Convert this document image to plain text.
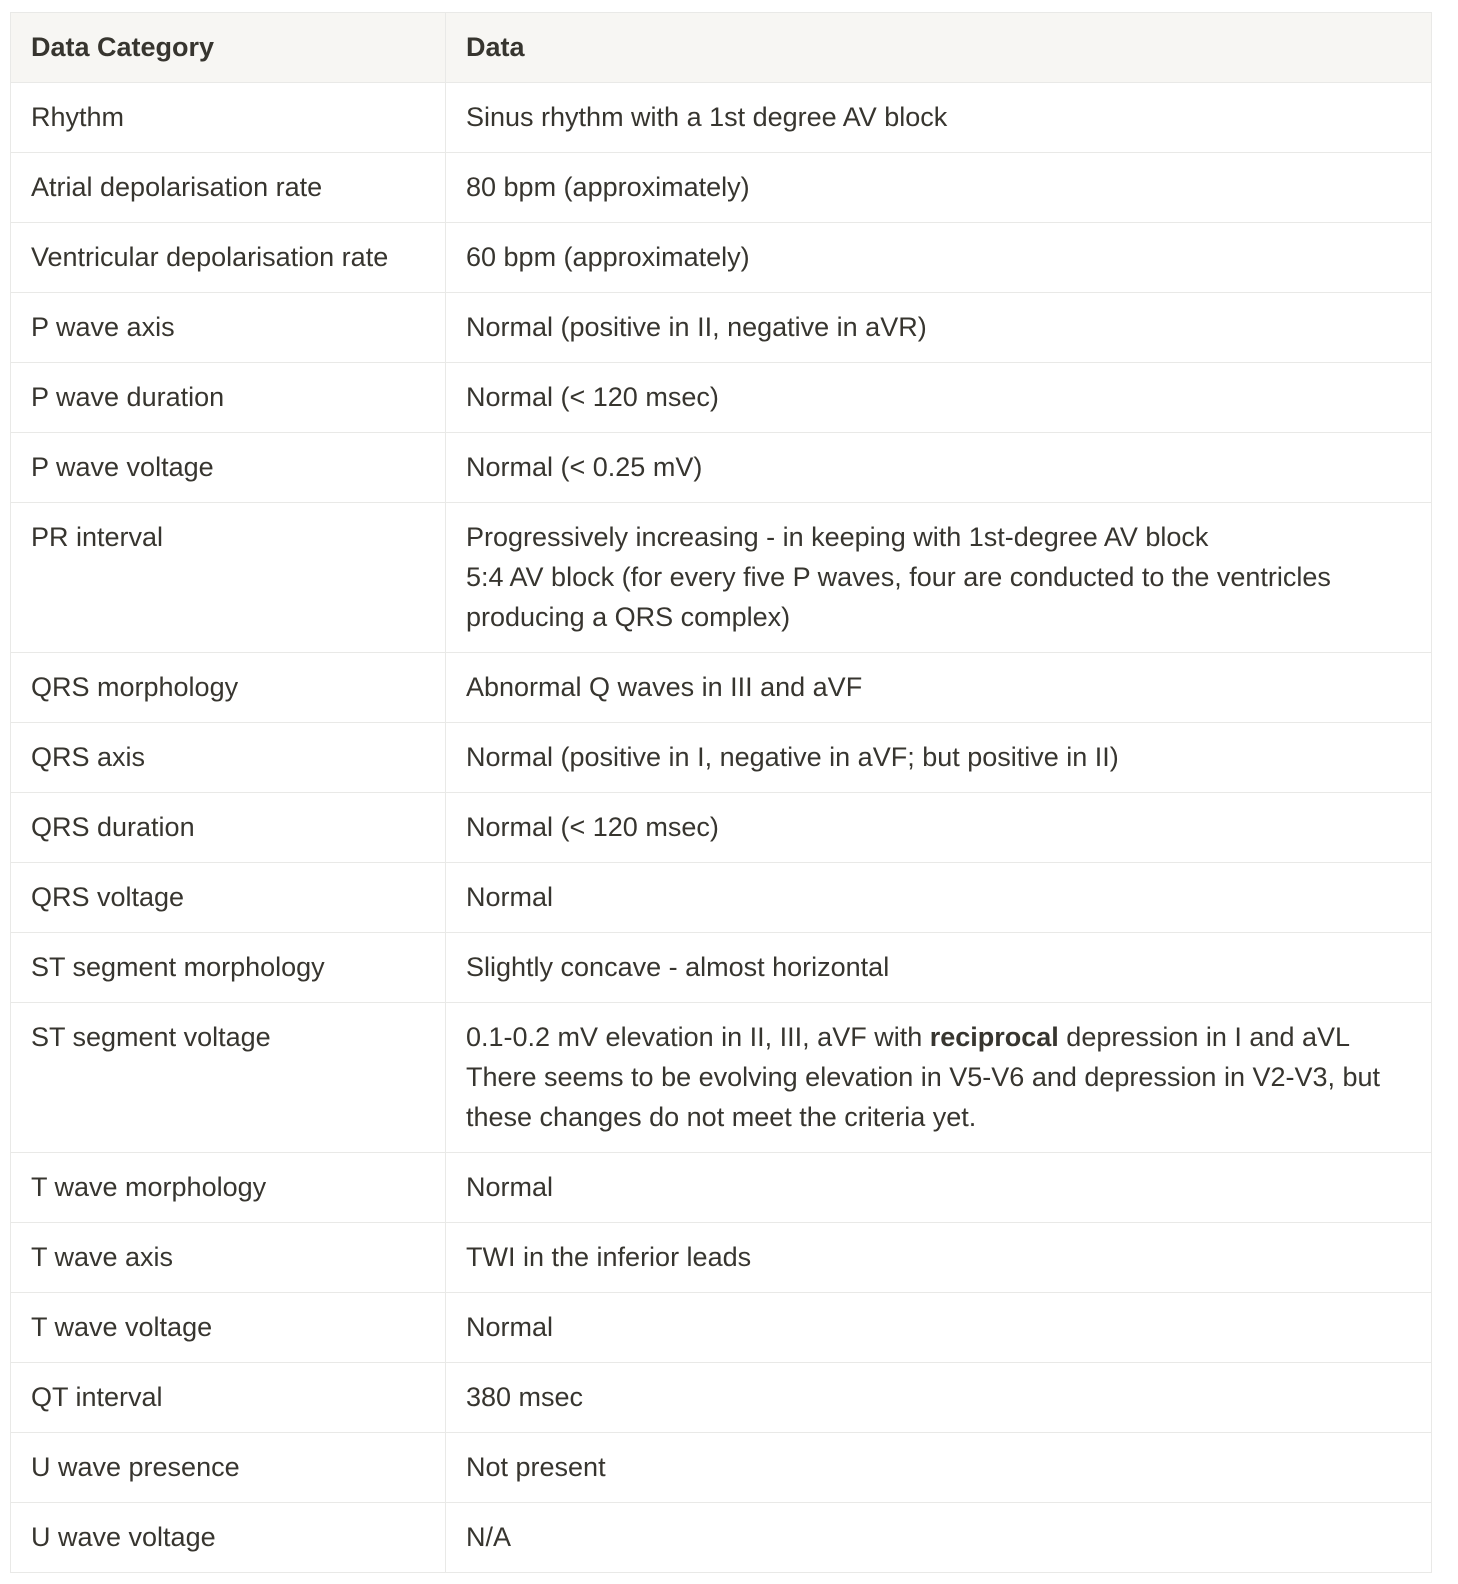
Data Category	Data
Rhythm	Sinus rhythm with a 1st degree AV block

Atrial depolarisation rate	80 bpm (approximately)

Ventricular depolarisation rate	60 bpm (approximately)

P wave axis	Normal (positive in II, negative in aVR)

P wave duration	Normal (< 120 msec)

P wave voltage	Normal (< 0.25 mV)

PR interval	Progressively increasing - in keeping with 1st-degree AV block
5:4 AV block (for every five P waves, four are conducted to the ventricles producing a QRS complex)

QRS morphology	Abnormal Q waves in III and aVF

QRS axis	Normal (positive in I, negative in aVF; but positive in II)

QRS duration	Normal (< 120 msec)

QRS voltage	Normal

ST segment morphology	Slightly concave - almost horizontal

ST segment voltage	0.1-0.2 mV elevation in II, III, aVF with reciprocal depression in I and aVL
There seems to be evolving elevation in V5-V6 and depression in V2-V3, but these changes do not meet the criteria yet.

T wave morphology	Normal

T wave axis	TWI in the inferior leads

T wave voltage	Normal

QT interval	380 msec

U wave presence	Not present

U wave voltage	N/A
